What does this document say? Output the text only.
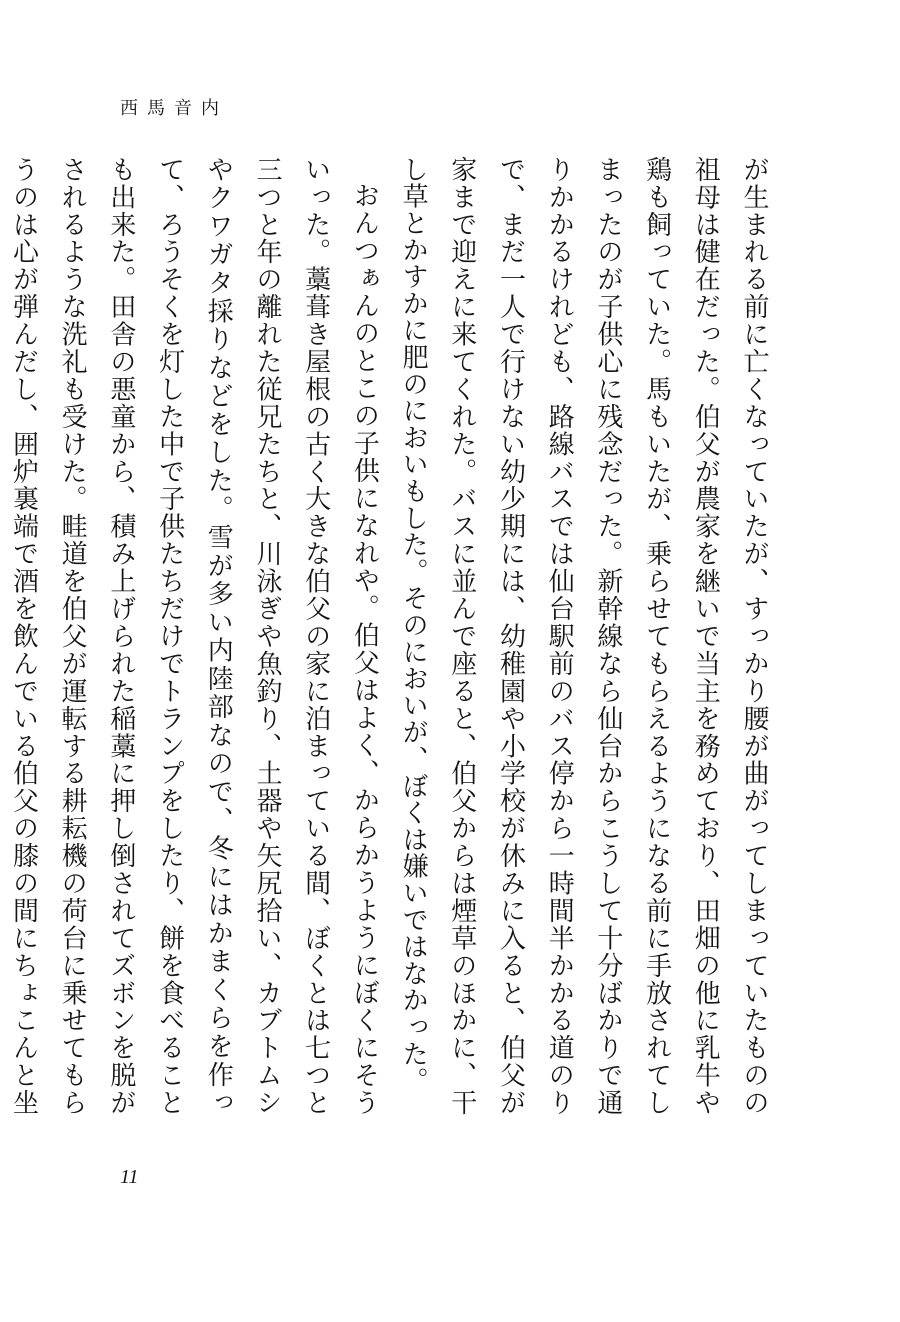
西馬音内

が生まれる前に亡くなっていたが、すっかり腰が曲がってしまっていたものの祖母は健在だった。伯父が農家を継いで当主を務めており、田畑の他に乳牛や鶏も飼っていた。馬もいたが、乗らせてもらえるようになる前に手放されてしまったのが子供心に残念だった。新幹線なら仙台からこうして十分ばかりで通りかかるけれども、路線バスでは仙台駅前のバス停から一時間半かかる道のりで、まだ一人で行けない幼少期には、幼稚園や小学校が休みに入ると、伯父が家まで迎えに来てくれた。バスに並んで座ると、伯父からは煙草のほかに、干し草とかすかに肥のにおいもした。そのにおいが、ぼくは嫌いではなかった。

おんつぁんのとこの子供になれや。伯父はよく、からかうようにぼくにそういった。藁葺き屋根の古く大きな伯父の家に泊まっている間、ぼくとは七つと三つと年の離れた従兄たちと、川泳ぎや魚釣り、土器や矢尻拾い、カブトムシやクワガタ採りなどをした。雪が多い内陸部なので、冬にはかまくらを作って、ろうそくを灯した中で子供たちだけでトランプをしたり、餅を食べることも出来た。田舎の悪童から、積み上げられた稲藁に押し倒されてズボンを脱がされるような洗礼も受けた。畦道を伯父が運転する耕耘機の荷台に乗せてもらうのは心が弾んだし、囲炉裏端で酒を飲んでいる伯父の膝の間にちょこんと坐

11
